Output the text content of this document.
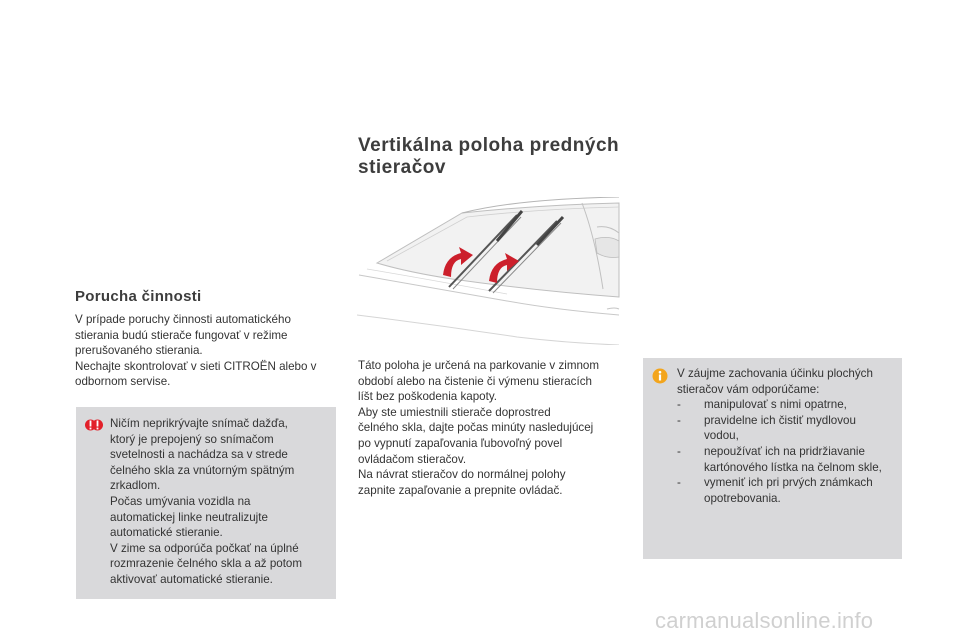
Porucha činnosti
V prípade poruchy činnosti automatického
stierania budú stierače fungovať v režime
prerušovaného stierania.
Nechajte skontrolovať v sieti CITROËN alebo v
odbornom servise.
Ničím neprikrývajte snímač dažďa,
ktorý je prepojený so snímačom
svetelnosti a nachádza sa v strede
čelného skla za vnútorným spätným
zrkadlom.
Počas umývania vozidla na
automatickej linke neutralizujte
automatické stieranie.
V zime sa odporúča počkať na úplné
rozmrazenie čelného skla a až potom
aktivovať automatické stieranie.
Vertikálna poloha predných
stieračov
Táto poloha je určená na parkovanie v zimnom
období alebo na čistenie či výmenu stieracích
líšt bez poškodenia kapoty.
Aby ste umiestnili stierače doprostred
čelného skla, dajte počas minúty nasledujúcej
po vypnutí zapaľovania ľubovoľný povel
ovládačom stieračov.
Na návrat stieračov do normálnej polohy
zapnite zapaľovanie a prepnite ovládač.
V záujme zachovania účinku plochých
stieračov vám odporúčame:
- manipulovať s nimi opatrne,
- pravidelne ich čistiť mydlovou
vodou,
- nepoužívať ich na pridržiavanie
kartónového lístka na čelnom skle,
- vymeniť ich pri prvých známkach
opotrebovania.
carmanualsonline.info
